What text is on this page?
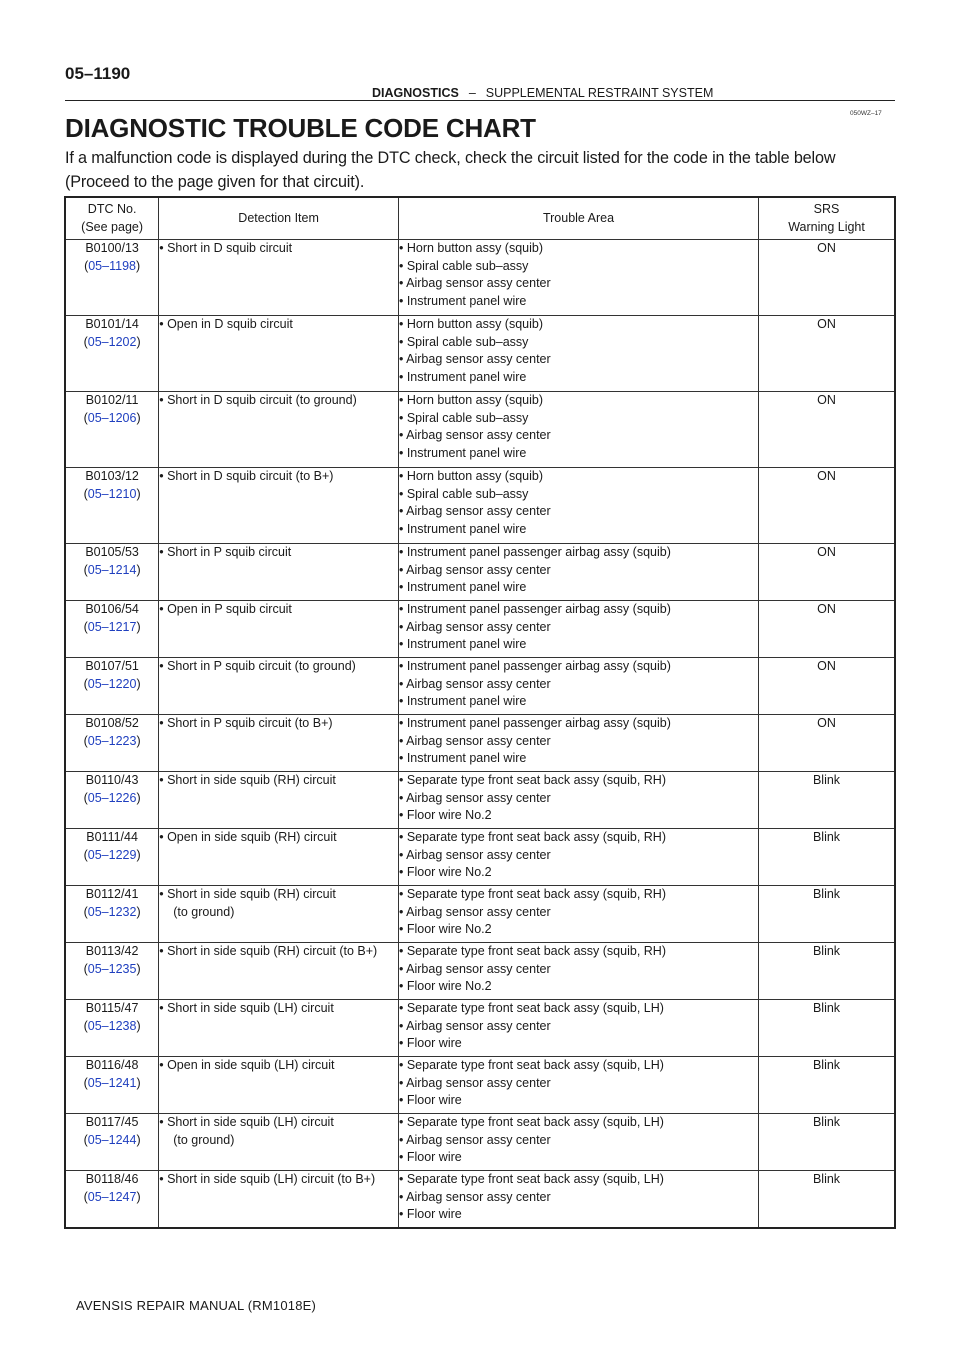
05–1190
DIAGNOSTICS – SUPPLEMENTAL RESTRAINT SYSTEM
050WZ–17
DIAGNOSTIC TROUBLE CODE CHART
If a malfunction code is displayed during the DTC check, check the circuit listed for the code in the table below (Proceed to the page given for that circuit).
DTC No.
(See page)	Detection Item	Trouble Area	SRS
Warning Light

B0100/13
(05–1198)	• Short in D squib circuit	• Horn button assy (squib)
• Spiral cable sub–assy
• Airbag sensor assy center
• Instrument panel wire	ON

B0101/14
(05–1202)	• Open in D squib circuit	• Horn button assy (squib)
• Spiral cable sub–assy
• Airbag sensor assy center
• Instrument panel wire	ON

B0102/11
(05–1206)	• Short in D squib circuit (to ground)	• Horn button assy (squib)
• Spiral cable sub–assy
• Airbag sensor assy center
• Instrument panel wire	ON

B0103/12
(05–1210)	• Short in D squib circuit (to B+)	• Horn button assy (squib)
• Spiral cable sub–assy
• Airbag sensor assy center
• Instrument panel wire	ON

B0105/53
(05–1214)	• Short in P squib circuit	• Instrument panel passenger airbag assy (squib)
• Airbag sensor assy center
• Instrument panel wire	ON

B0106/54
(05–1217)	• Open in P squib circuit	• Instrument panel passenger airbag assy (squib)
• Airbag sensor assy center
• Instrument panel wire	ON

B0107/51
(05–1220)	• Short in P squib circuit (to ground)	• Instrument panel passenger airbag assy (squib)
• Airbag sensor assy center
• Instrument panel wire	ON

B0108/52
(05–1223)	• Short in P squib circuit (to B+)	• Instrument panel passenger airbag assy (squib)
• Airbag sensor assy center
• Instrument panel wire	ON

B0110/43
(05–1226)	• Short in side squib (RH) circuit	• Separate type front seat back assy (squib, RH)
• Airbag sensor assy center
• Floor wire No.2	Blink

B0111/44
(05–1229)	• Open in side squib (RH) circuit	• Separate type front seat back assy (squib, RH)
• Airbag sensor assy center
• Floor wire No.2	Blink

B0112/41
(05–1232)	• Short in side squib (RH) circuit
(to ground)	• Separate type front seat back assy (squib, RH)
• Airbag sensor assy center
• Floor wire No.2	Blink

B0113/42
(05–1235)	• Short in side squib (RH) circuit (to B+)	• Separate type front seat back assy (squib, RH)
• Airbag sensor assy center
• Floor wire No.2	Blink

B0115/47
(05–1238)	• Short in side squib (LH) circuit	• Separate type front seat back assy (squib, LH)
• Airbag sensor assy center
• Floor wire	Blink

B0116/48
(05–1241)	• Open in side squib (LH) circuit	• Separate type front seat back assy (squib, LH)
• Airbag sensor assy center
• Floor wire	Blink

B0117/45
(05–1244)	• Short in side squib (LH) circuit
(to ground)	• Separate type front seat back assy (squib, LH)
• Airbag sensor assy center
• Floor wire	Blink

B0118/46
(05–1247)	• Short in side squib (LH) circuit (to B+)	• Separate type front seat back assy (squib, LH)
• Airbag sensor assy center
• Floor wire	Blink
AVENSIS REPAIR MANUAL (RM1018E)
